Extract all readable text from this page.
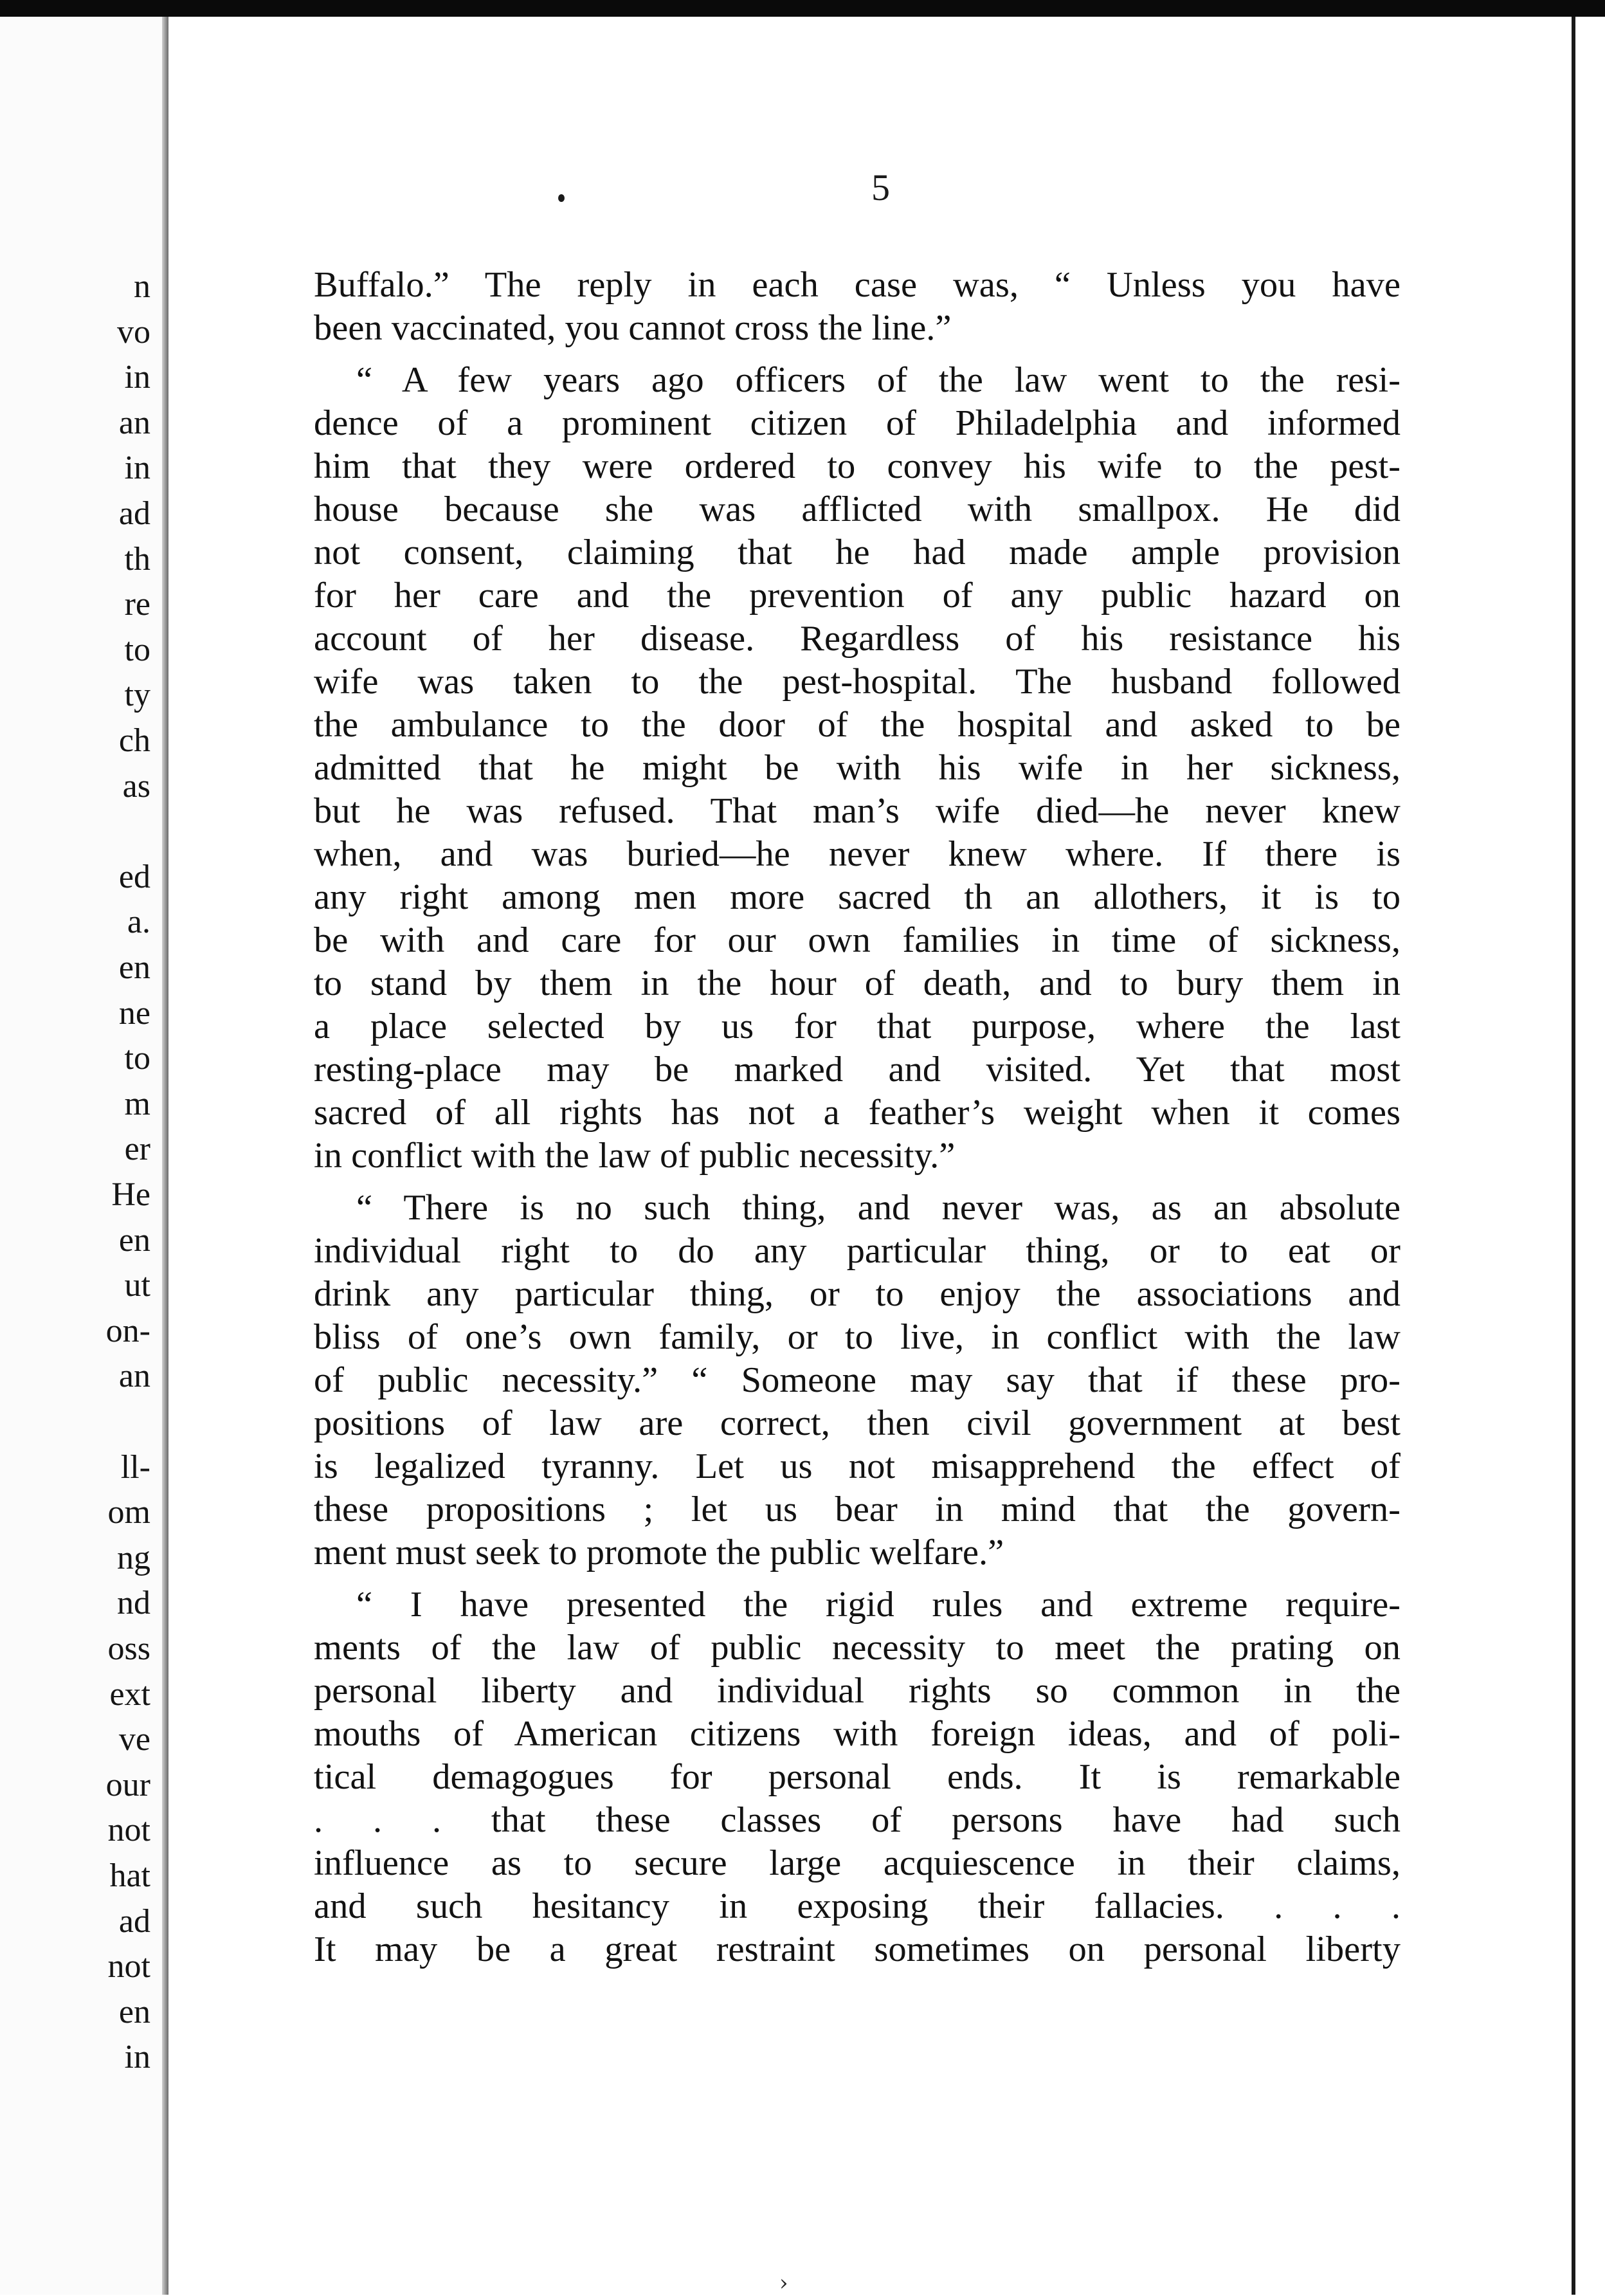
n
vo
in
an
in
ad
th
re
to
ty
ch
as
ed
a.
en
ne
to
m
er
He
en
ut
on-
an
ll-
om
ng
nd
oss
ext
ve
our
not
hat
ad
not
en
in
5
Buffalo.” The reply in each case was, “ Unless you have
been vaccinated, you cannot cross the line.”
“ A few years ago officers of the law went to the resi-
dence of a prominent citizen of Philadelphia and informed
him that they were ordered to convey his wife to the pest-
house because she was afflicted with smallpox. He did
not consent, claiming that he had made ample provision
for her care and the prevention of any public hazard on
account of her disease. Regardless of his resistance his
wife was taken to the pest-hospital. The husband followed
the ambulance to the door of the hospital and asked to be
admitted that he might be with his wife in her sickness,
but he was refused. That man’s wife died—he never knew
when, and was buried—he never knew where. If there is
any right among men more sacred th an allothers, it is to
be with and care for our own families in time of sickness,
to stand by them in the hour of death, and to bury them in
a place selected by us for that purpose, where the last
resting-place may be marked and visited. Yet that most
sacred of all rights has not a feather’s weight when it comes
in conflict with the law of public necessity.”
“ There is no such thing, and never was, as an absolute
individual right to do any particular thing, or to eat or
drink any particular thing, or to enjoy the associations and
bliss of one’s own family, or to live, in conflict with the law
of public necessity.” “ Someone may say that if these pro-
positions of law are correct, then civil government at best
is legalized tyranny. Let us not misapprehend the effect of
these propositions ; let us bear in mind that the govern-
ment must seek to promote the public welfare.”
“ I have presented the rigid rules and extreme require-
ments of the law of public necessity to meet the prating on
personal liberty and individual rights so common in the
mouths of American citizens with foreign ideas, and of poli-
tical demagogues for personal ends. It is remarkable
. . . that these classes of persons have had such
influence as to secure large acquiescence in their claims,
and such hesitancy in exposing their fallacies. . . .
It may be a great restraint sometimes on personal liberty
›
